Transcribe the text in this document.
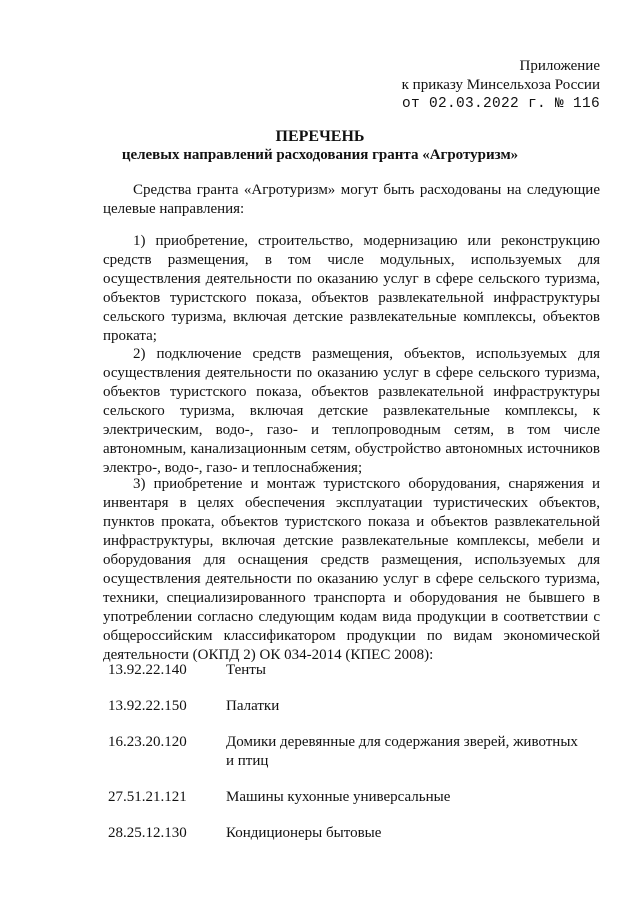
Приложение
к приказу Минсельхоза России
от 02.03.2022 г. № 116
ПЕРЕЧЕНЬ
целевых направлений расходования гранта «Агротуризм»

Средства гранта «Агротуризм» могут быть расходованы на следующие целевые направления:

1) приобретение, строительство, модернизацию или реконструкцию средств размещения, в том числе модульных, используемых для осуществления деятельности по оказанию услуг в сфере сельского туризма, объектов туристского показа, объектов развлекательной инфраструктуры сельского туризма, включая детские развлекательные комплексы, объектов проката;

2) подключение средств размещения, объектов, используемых для осуществления деятельности по оказанию услуг в сфере сельского туризма, объектов туристского показа, объектов развлекательной инфраструктуры сельского туризма, включая детские развлекательные комплексы, к электрическим, водо-, газо- и теплопроводным сетям, в том числе автономным, канализационным сетям, обустройство автономных источников электро-, водо-, газо- и теплоснабжения;

3) приобретение и монтаж туристского оборудования, снаряжения и инвентаря в целях обеспечения эксплуатации туристических объектов, пунктов проката, объектов туристского показа и объектов развлекательной инфраструктуры, включая детские развлекательные комплексы, мебели и оборудования для оснащения средств размещения, используемых для осуществления деятельности по оказанию услуг в сфере сельского туризма, техники, специализированного транспорта и оборудования не бывшего в употреблении согласно следующим кодам вида продукции в соответствии с общероссийским классификатором продукции по видам экономической деятельности (ОКПД 2) ОК 034-2014 (КПЕС 2008):

13.92.22.140	Тенты
13.92.22.150	Палатки
16.23.20.120	Домики деревянные для содержания зверей, животных и птиц
27.51.21.121	Машины кухонные универсальные
28.25.12.130	Кондиционеры бытовые
